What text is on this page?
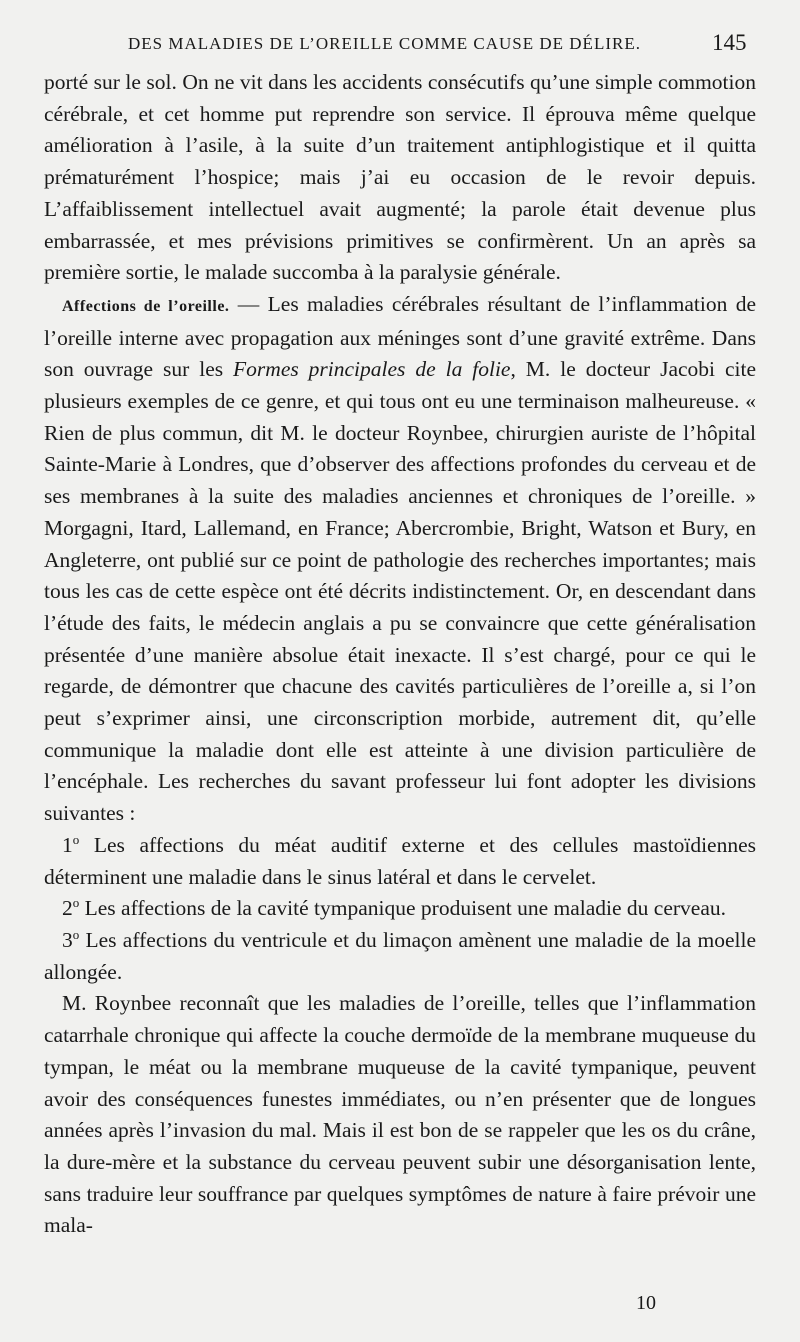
DES MALADIES DE L’OREILLE COMME CAUSE DE DÉLIRE.	145

porté sur le sol. On ne vit dans les accidents consécutifs qu’une simple commotion cérébrale, et cet homme put reprendre son service. Il éprouva même quelque amélioration à l’asile, à la suite d’un traitement antiphlogistique et il quitta prématurément l’hospice; mais j’ai eu occasion de le revoir depuis. L’affaiblissement intellectuel avait augmenté; la parole était devenue plus embarrassée, et mes prévisions primitives se confirmèrent. Un an après sa première sortie, le malade succomba à la paralysie générale.

Affections de l’oreille. — Les maladies cérébrales résultant de l’inflammation de l’oreille interne avec propagation aux méninges sont d’une gravité extrême. Dans son ouvrage sur les Formes principales de la folie, M. le docteur Jacobi cite plusieurs exemples de ce genre, et qui tous ont eu une terminaison malheureuse. « Rien de plus commun, dit M. le docteur Roynbee, chirurgien auriste de l’hôpital Sainte-Marie à Londres, que d’observer des affections profondes du cerveau et de ses membranes à la suite des maladies anciennes et chroniques de l’oreille. » Morgagni, Itard, Lallemand, en France; Abercrombie, Bright, Watson et Bury, en Angleterre, ont publié sur ce point de pathologie des recherches importantes; mais tous les cas de cette espèce ont été décrits indistinctement. Or, en descendant dans l’étude des faits, le médecin anglais a pu se convaincre que cette généralisation présentée d’une manière absolue était inexacte. Il s’est chargé, pour ce qui le regarde, de démontrer que chacune des cavités particulières de l’oreille a, si l’on peut s’exprimer ainsi, une circonscription morbide, autrement dit, qu’elle communique la maladie dont elle est atteinte à une division particulière de l’encéphale. Les recherches du savant professeur lui font adopter les divisions suivantes :

1$^o$ Les affections du méat auditif externe et des cellules mastoïdiennes déterminent une maladie dans le sinus latéral et dans le cervelet.

2$^o$ Les affections de la cavité tympanique produisent une maladie du cerveau.

3$^o$ Les affections du ventricule et du limaçon amènent une maladie de la moelle allongée.

M. Roynbee reconnaît que les maladies de l’oreille, telles que l’inflammation catarrhale chronique qui affecte la couche dermoïde de la membrane muqueuse du tympan, le méat ou la membrane muqueuse de la cavité tympanique, peuvent avoir des conséquences funestes immédiates, ou n’en présenter que de longues années après l’invasion du mal. Mais il est bon de se rappeler que les os du crâne, la dure-mère et la substance du cerveau peuvent subir une désorganisation lente, sans traduire leur souffrance par quelques symptômes de nature à faire prévoir une mala-

10
